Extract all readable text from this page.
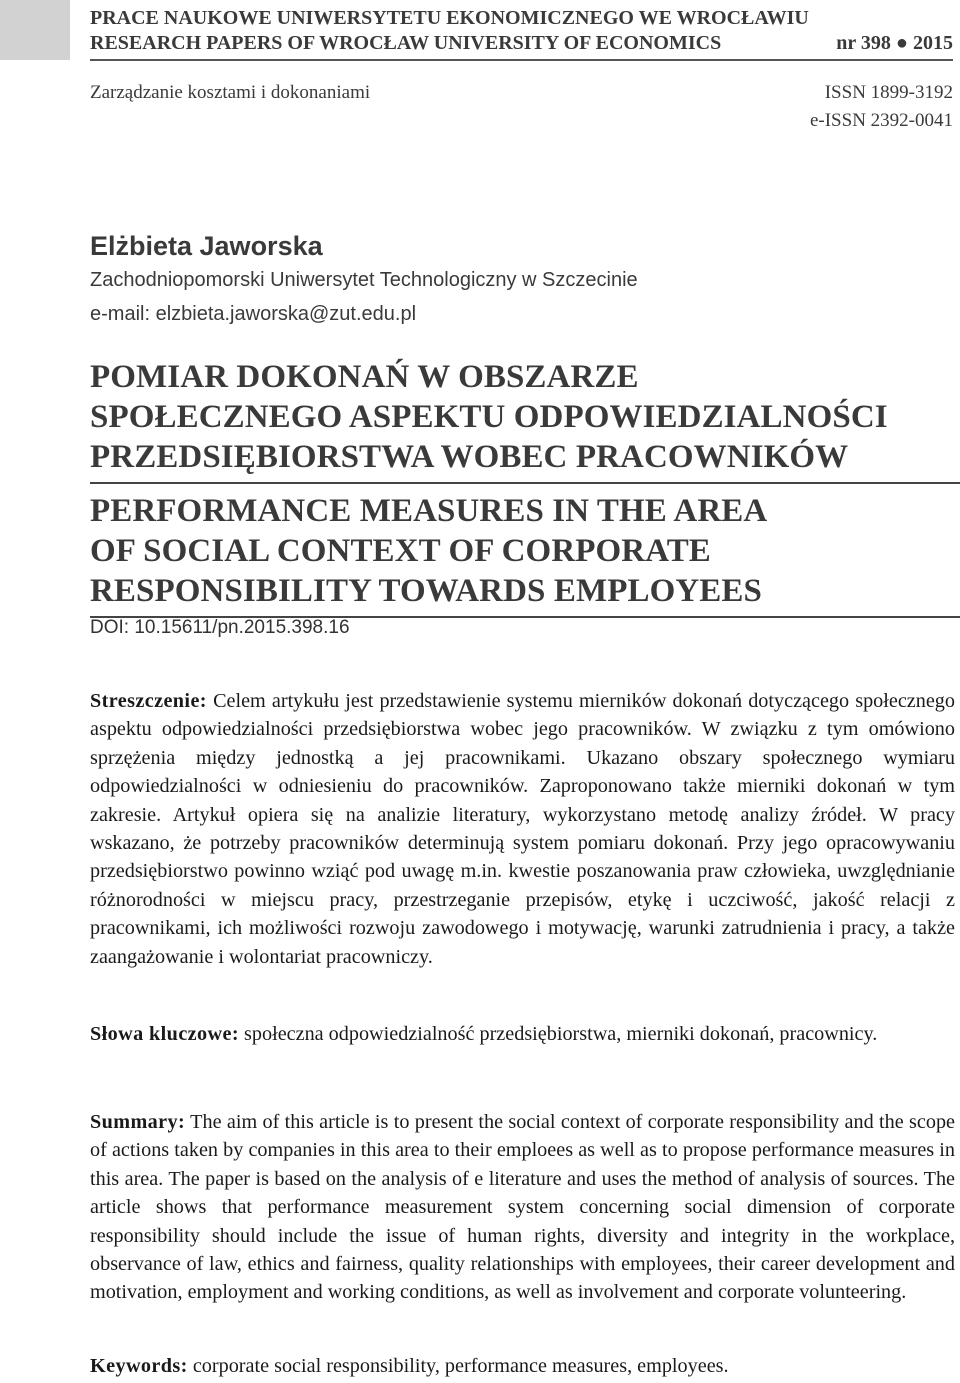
PRACE NAUKOWE UNIWERSYTETU EKONOMICZNEGO WE WROCŁAWIU
RESEARCH PAPERS OF WROCŁAW UNIVERSITY OF ECONOMICS	nr 398 ● 2015
Zarządzanie kosztami i dokonaniami	ISSN 1899-3192
e-ISSN 2392-0041
Elżbieta Jaworska
Zachodniopomorski Uniwersytet Technologiczny w Szczecinie
e-mail: elzbieta.jaworska@zut.edu.pl
POMIAR DOKONAŃ W OBSZARZE
SPOŁECZNEGO ASPEKTU ODPOWIEDZIALNOŚCI
PRZEDSIĘBIORSTWA WOBEC PRACOWNIKÓW
PERFORMANCE MEASURES IN THE AREA
OF SOCIAL CONTEXT OF CORPORATE
RESPONSIBILITY TOWARDS EMPLOYEES
DOI: 10.15611/pn.2015.398.16
Streszczenie: Celem artykułu jest przedstawienie systemu mierników dokonań dotyczącego społecznego aspektu odpowiedzialności przedsiębiorstwa wobec jego pracowników. W związku z tym omówiono sprzężenia między jednostką a jej pracownikami. Ukazano obszary społecznego wymiaru odpowiedzialności w odniesieniu do pracowników. Zaproponowano także mierniki dokonań w tym zakresie. Artykuł opiera się na analizie literatury, wykorzystano metodę analizy źródeł. W pracy wskazano, że potrzeby pracowników determinują system pomiaru dokonań. Przy jego opracowywaniu przedsiębiorstwo powinno wziąć pod uwagę m.in. kwestie poszanowania praw człowieka, uwzględnianie różnorodności w miejscu pracy, przestrzeganie przepisów, etykę i uczciwość, jakość relacji z pracownikami, ich możliwości rozwoju zawodowego i motywację, warunki zatrudnienia i pracy, a także zaangażowanie i wolontariat pracowniczy.
Słowa kluczowe: społeczna odpowiedzialność przedsiębiorstwa, mierniki dokonań, pracownicy.
Summary: The aim of this article is to present the social context of corporate responsibility and the scope of actions taken by companies in this area to their emploees as well as to propose performance measures in this area. The paper is based on the analysis of e literature and uses the method of analysis of sources. The article shows that performance measurement system concerning social dimension of corporate responsibility should include the issue of human rights, diversity and integrity in the workplace, observance of law, ethics and fairness, quality relationships with employees, their career development and motivation, employment and working conditions, as well as involvement and corporate volunteering.
Keywords: corporate social responsibility, performance measures, employees.
